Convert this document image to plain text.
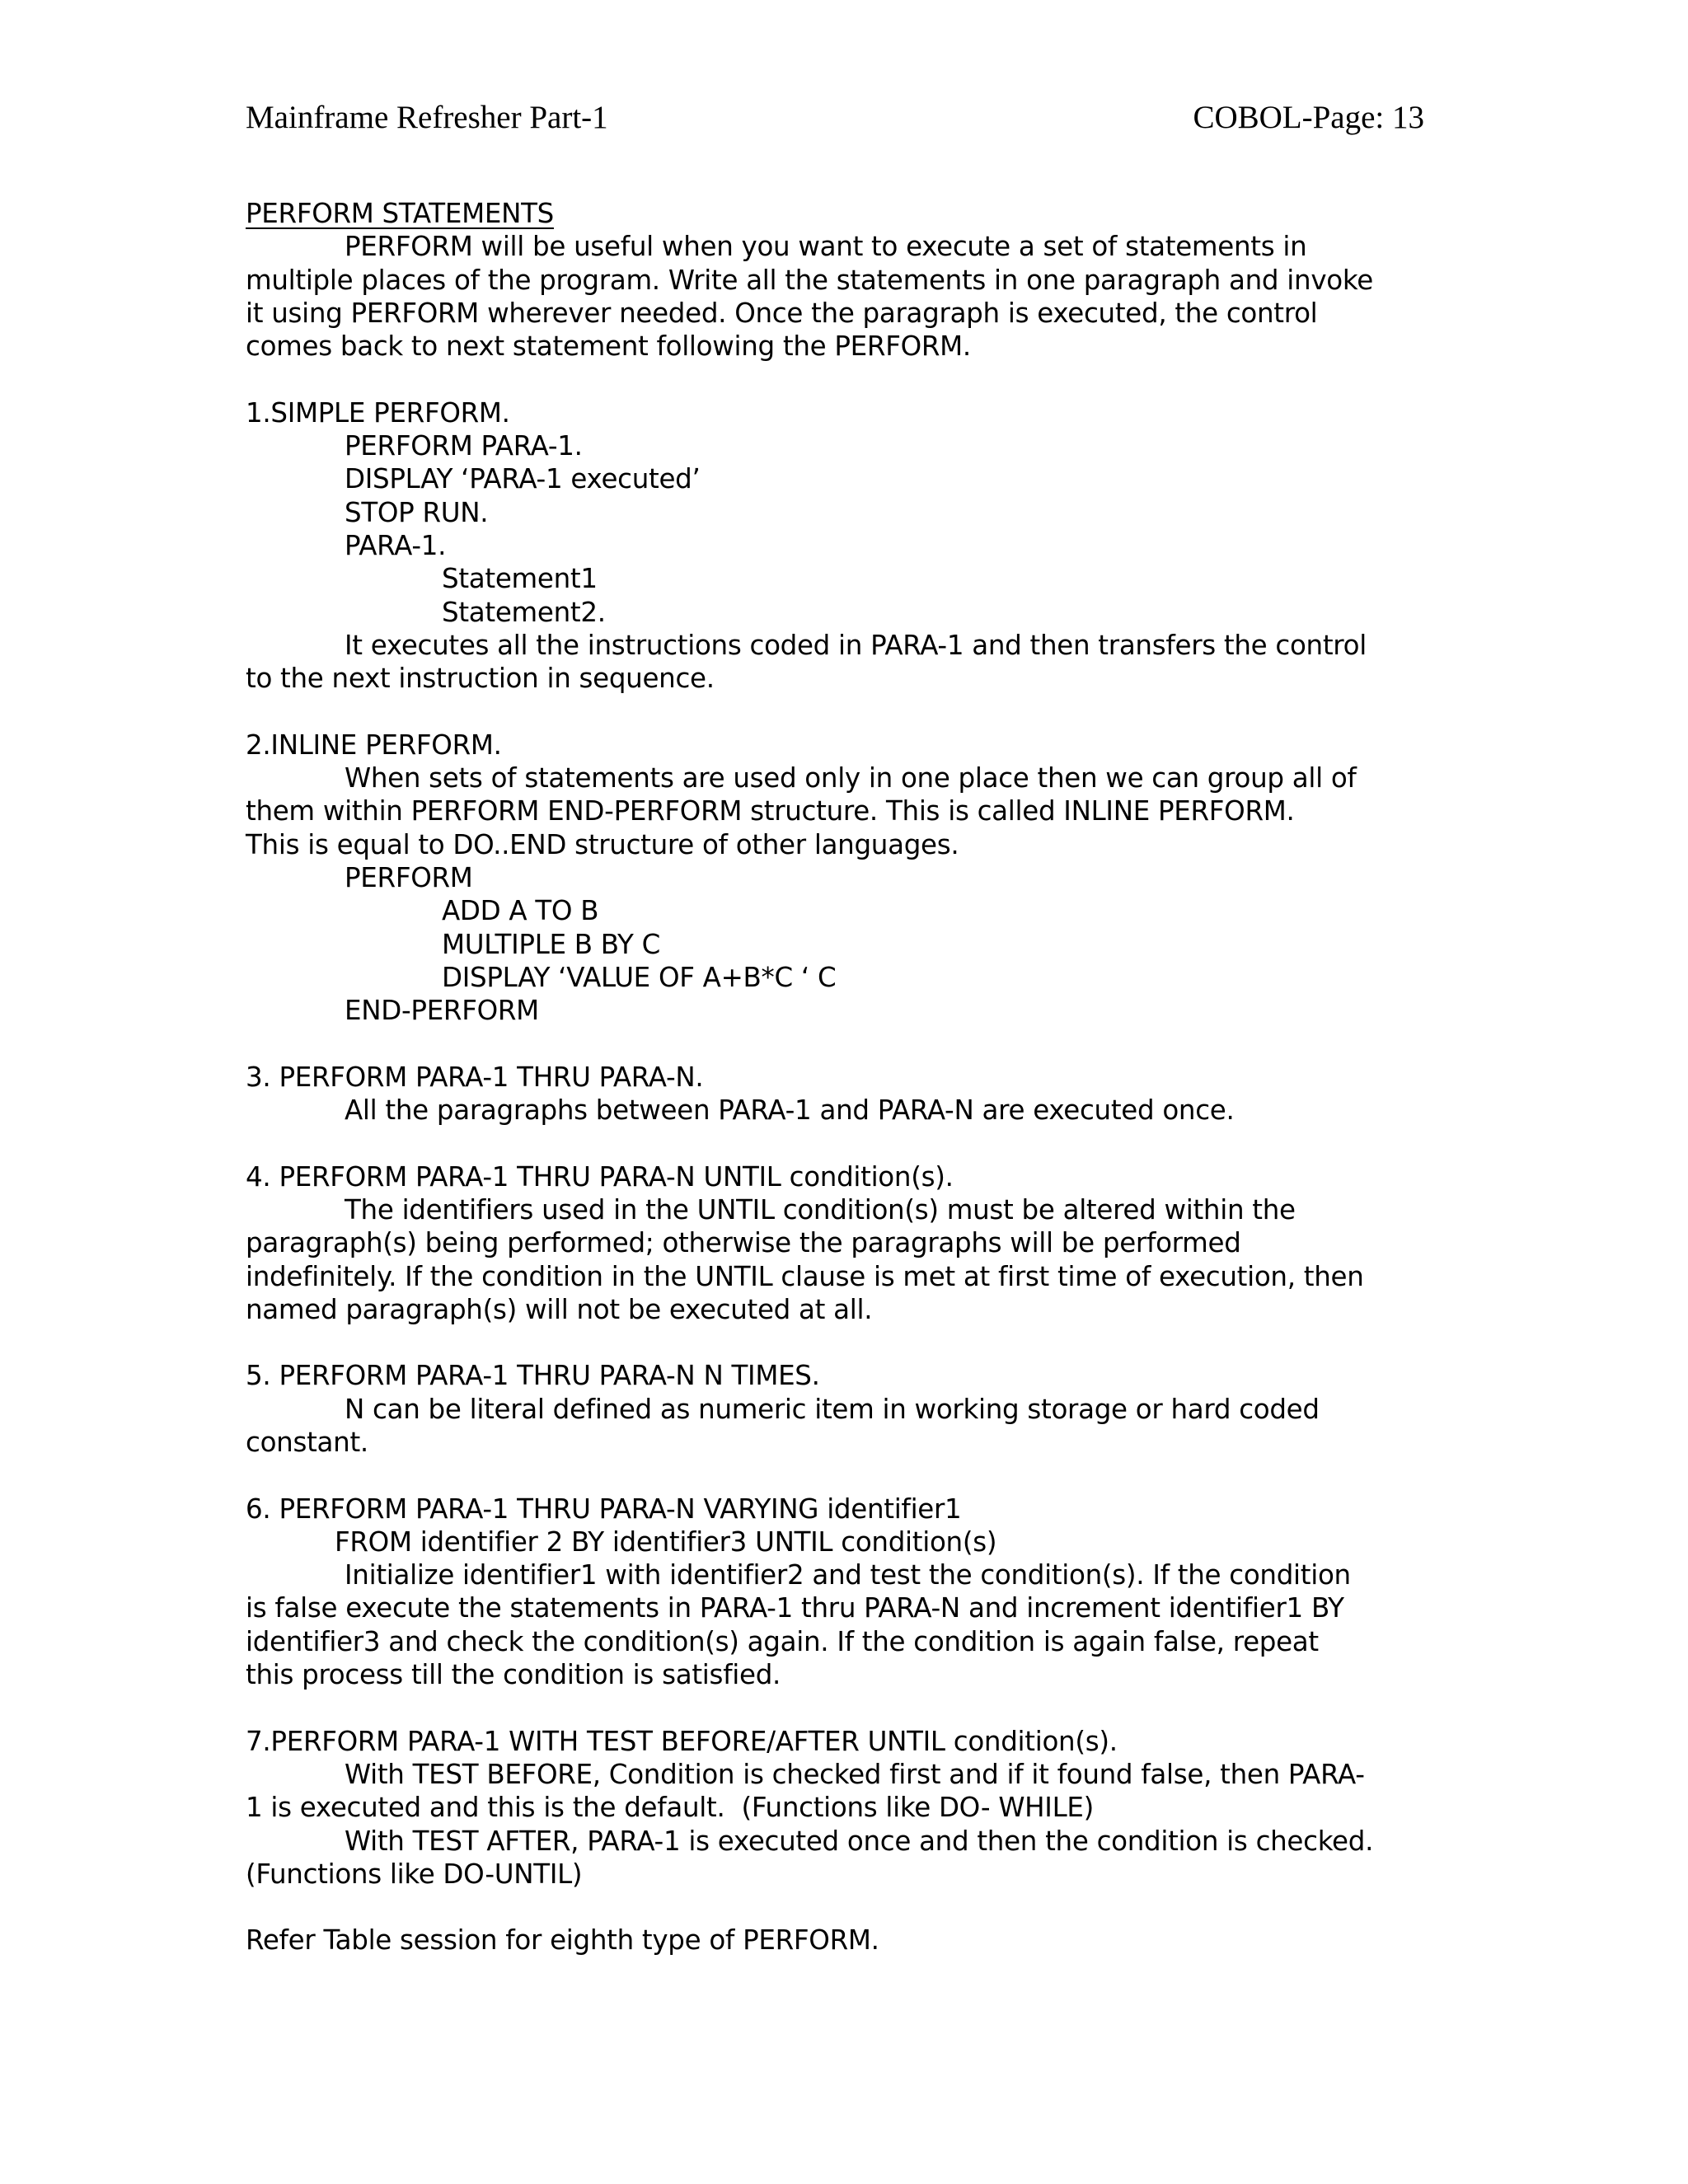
Mainframe Refresher Part-1	COBOL-Page: 13
PERFORM STATEMENTS
PERFORM will be useful when you want to execute a set of statements in
multiple places of the program. Write all the statements in one paragraph and invoke
it using PERFORM wherever needed. Once the paragraph is executed, the control
comes back to next statement following the PERFORM.
1.SIMPLE PERFORM.
PERFORM PARA-1.
DISPLAY ‘PARA-1 executed’
STOP RUN.
PARA-1.
Statement1
Statement2.
It executes all the instructions coded in PARA-1 and then transfers the control
to the next instruction in sequence.
2.INLINE PERFORM.
When sets of statements are used only in one place then we can group all of
them within PERFORM END-PERFORM structure. This is called INLINE PERFORM.
This is equal to DO..END structure of other languages.
PERFORM
ADD A TO B
MULTIPLE B BY C
DISPLAY ‘VALUE OF A+B*C ‘ C
END-PERFORM
3. PERFORM PARA-1 THRU PARA-N.
All the paragraphs between PARA-1 and PARA-N are executed once.
4. PERFORM PARA-1 THRU PARA-N UNTIL condition(s).
The identifiers used in the UNTIL condition(s) must be altered within the
paragraph(s) being performed; otherwise the paragraphs will be performed
indefinitely. If the condition in the UNTIL clause is met at first time of execution, then
named paragraph(s) will not be executed at all.
5. PERFORM PARA-1 THRU PARA-N N TIMES.
N can be literal defined as numeric item in working storage or hard coded
constant.
6. PERFORM PARA-1 THRU PARA-N VARYING identifier1
FROM identifier 2 BY identifier3 UNTIL condition(s)
Initialize identifier1 with identifier2 and test the condition(s). If the condition
is false execute the statements in PARA-1 thru PARA-N and increment identifier1 BY
identifier3 and check the condition(s) again. If the condition is again false, repeat
this process till the condition is satisfied.
7.PERFORM PARA-1 WITH TEST BEFORE/AFTER UNTIL condition(s).
With TEST BEFORE, Condition is checked first and if it found false, then PARA-
1 is executed and this is the default.  (Functions like DO- WHILE)
With TEST AFTER, PARA-1 is executed once and then the condition is checked.
(Functions like DO-UNTIL)
Refer Table session for eighth type of PERFORM.
